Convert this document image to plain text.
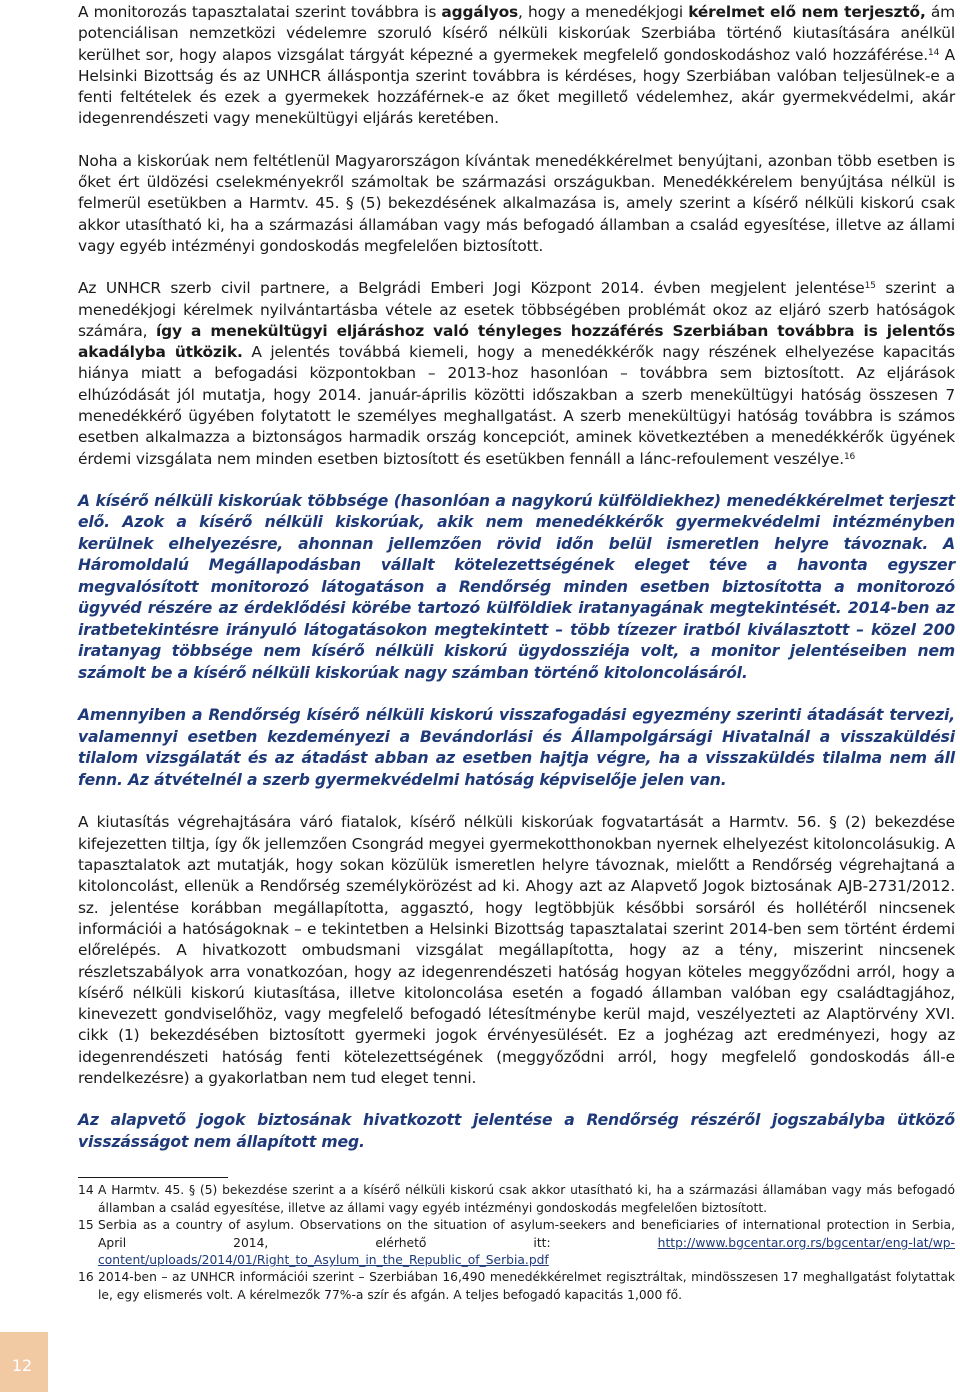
A monitorozás tapasztalatai szerint továbbra is aggályos, hogy a menedékjogi kérelmet elő nem terjesztő, ám potenciálisan nemzetközi védelemre szoruló kísérő nélküli kiskorúak Szerbiába történő kiutasítására anélkül kerülhet sor, hogy alapos vizsgálat tárgyát képezné a gyermekek megfelelő gondoskodáshoz való hozzáférése.$^{14}$ A Helsinki Bizottság és az UNHCR álláspontja szerint továbbra is kérdéses, hogy Szerbiában valóban teljesülnek-e a fenti feltételek és ezek a gyermekek hozzáférnek-e az őket megillető védelemhez, akár gyermekvédelmi, akár idegenrendészeti vagy menekültügyi eljárás keretében.

Noha a kiskorúak nem feltétlenül Magyarországon kívántak menedékkérelmet benyújtani, azonban több esetben is őket ért üldözési cselekményekről számoltak be származási országukban. Menedékkérelem benyújtása nélkül is felmerül esetükben a Harmtv. 45. § (5) bekezdésének alkalmazása is, amely szerint a kísérő nélküli kiskorú csak akkor utasítható ki, ha a származási államában vagy más befogadó államban a család egyesítése, illetve az állami vagy egyéb intézményi gondoskodás megfelelően biztosított.

Az UNHCR szerb civil partnere, a Belgrádi Emberi Jogi Központ 2014. évben megjelent jelentése$^{15}$ szerint a menedékjogi kérelmek nyilvántartásba vétele az esetek többségében problémát okoz az eljáró szerb hatóságok számára, így a menekültügyi eljáráshoz való tényleges hozzáférés Szerbiában továbbra is jelentős akadályba ütközik. A jelentés továbbá kiemeli, hogy a menedékkérők nagy részének elhelyezése kapacitás hiánya miatt a befogadási központokban – 2013-hoz hasonlóan – továbbra sem biztosított. Az eljárások elhúzódását jól mutatja, hogy 2014. január-április közötti időszakban a szerb menekültügyi hatóság összesen 7 menedékkérő ügyében folytatott le személyes meghallgatást. A szerb menekültügyi hatóság továbbra is számos esetben alkalmazza a biztonságos harmadik ország koncepciót, aminek következtében a menedékkérők ügyének érdemi vizsgálata nem minden esetben biztosított és esetükben fennáll a lánc-refoulement veszélye.$^{16}$

A kísérő nélküli kiskorúak többsége (hasonlóan a nagykorú külföldiekhez) menedékkérelmet terjeszt elő. Azok a kísérő nélküli kiskorúak, akik nem menedékkérők gyermekvédelmi intézményben kerülnek elhelyezésre, ahonnan jellemzően rövid időn belül ismeretlen helyre távoznak. A Háromoldalú Megállapodásban vállalt kötelezettségének eleget téve a havonta egyszer megvalósított monitorozó látogatáson a Rendőrség minden esetben biztosította a monitorozó ügyvéd részére az érdeklődési körébe tartozó külföldiek iratanyagának megtekintését. 2014-ben az iratbetekintésre irányuló látogatásokon megtekintett – több tízezer iratból kiválasztott – közel 200 iratanyag többsége nem kísérő nélküli kiskorú ügydossziéja volt, a monitor jelentéseiben nem számolt be a kísérő nélküli kiskorúak nagy számban történő kitoloncolásáról.

Amennyiben a Rendőrség kísérő nélküli kiskorú visszafogadási egyezmény szerinti átadását tervezi, valamennyi esetben kezdeményezi a Bevándorlási és Állampolgársági Hivatalnál a visszaküldési tilalom vizsgálatát és az átadást abban az esetben hajtja végre, ha a visszaküldés tilalma nem áll fenn. Az átvételnél a szerb gyermekvédelmi hatóság képviselője jelen van.

A kiutasítás végrehajtására váró fiatalok, kísérő nélküli kiskorúak fogvatartását a Harmtv. 56. § (2) bekezdése kifejezetten tiltja, így ők jellemzően Csongrád megyei gyermekotthonokban nyernek elhelyezést kitoloncolásukig. A tapasztalatok azt mutatják, hogy sokan közülük ismeretlen helyre távoznak, mielőtt a Rendőrség végrehajtaná a kitoloncolást, ellenük a Rendőrség személykörözést ad ki. Ahogy azt az Alapvető Jogok biztosának AJB-2731/2012. sz. jelentése korábban megállapította, aggasztó, hogy legtöbbjük későbbi sorsáról és hollétéről nincsenek információi a hatóságoknak – e tekintetben a Helsinki Bizottság tapasztalatai szerint 2014-ben sem történt érdemi előrelépés. A hivatkozott ombudsmani vizsgálat megállapította, hogy az a tény, miszerint nincsenek részletszabályok arra vonatkozóan, hogy az idegenrendészeti hatóság hogyan köteles meggyőződni arról, hogy a kísérő nélküli kiskorú kiutasítása, illetve kitoloncolása esetén a fogadó államban valóban egy családtagjához, kinevezett gondviselőhöz, vagy megfelelő befogadó létesítménybe kerül majd, veszélyezteti az Alaptörvény XVI. cikk (1) bekezdésében biztosított gyermeki jogok érvényesülését. Ez a joghézag azt eredményezi, hogy az idegenrendészeti hatóság fenti kötelezettségének (meggyőződni arról, hogy megfelelő gondoskodás áll-e rendelkezésre) a gyakorlatban nem tud eleget tenni.

Az alapvető jogok biztosának hivatkozott jelentése a Rendőrség részéről jogszabályba ütköző visszásságot nem állapított meg.

14 A Harmtv. 45. § (5) bekezdése szerint a a kísérő nélküli kiskorú csak akkor utasítható ki, ha a származási államában vagy más befogadó államban a család egyesítése, illetve az állami vagy egyéb intézményi gondoskodás megfelelően biztosított.
15 Serbia as a country of asylum. Observations on the situation of asylum-seekers and beneficiaries of international protection in Serbia, April 2014, elérhető itt: http://www.bgcentar.org.rs/bgcentar/eng-lat/wp-content/uploads/2014/01/Right_to_Asylum_in_the_Republic_of_Serbia.pdf
16 2014-ben – az UNHCR információi szerint – Szerbiában 16,490 menedékkérelmet regisztráltak, mindösszesen 17 meghallgatást folytattak le, egy elismerés volt. A kérelmezők 77%-a szír és afgán. A teljes befogadó kapacitás 1,000 fő.
12
